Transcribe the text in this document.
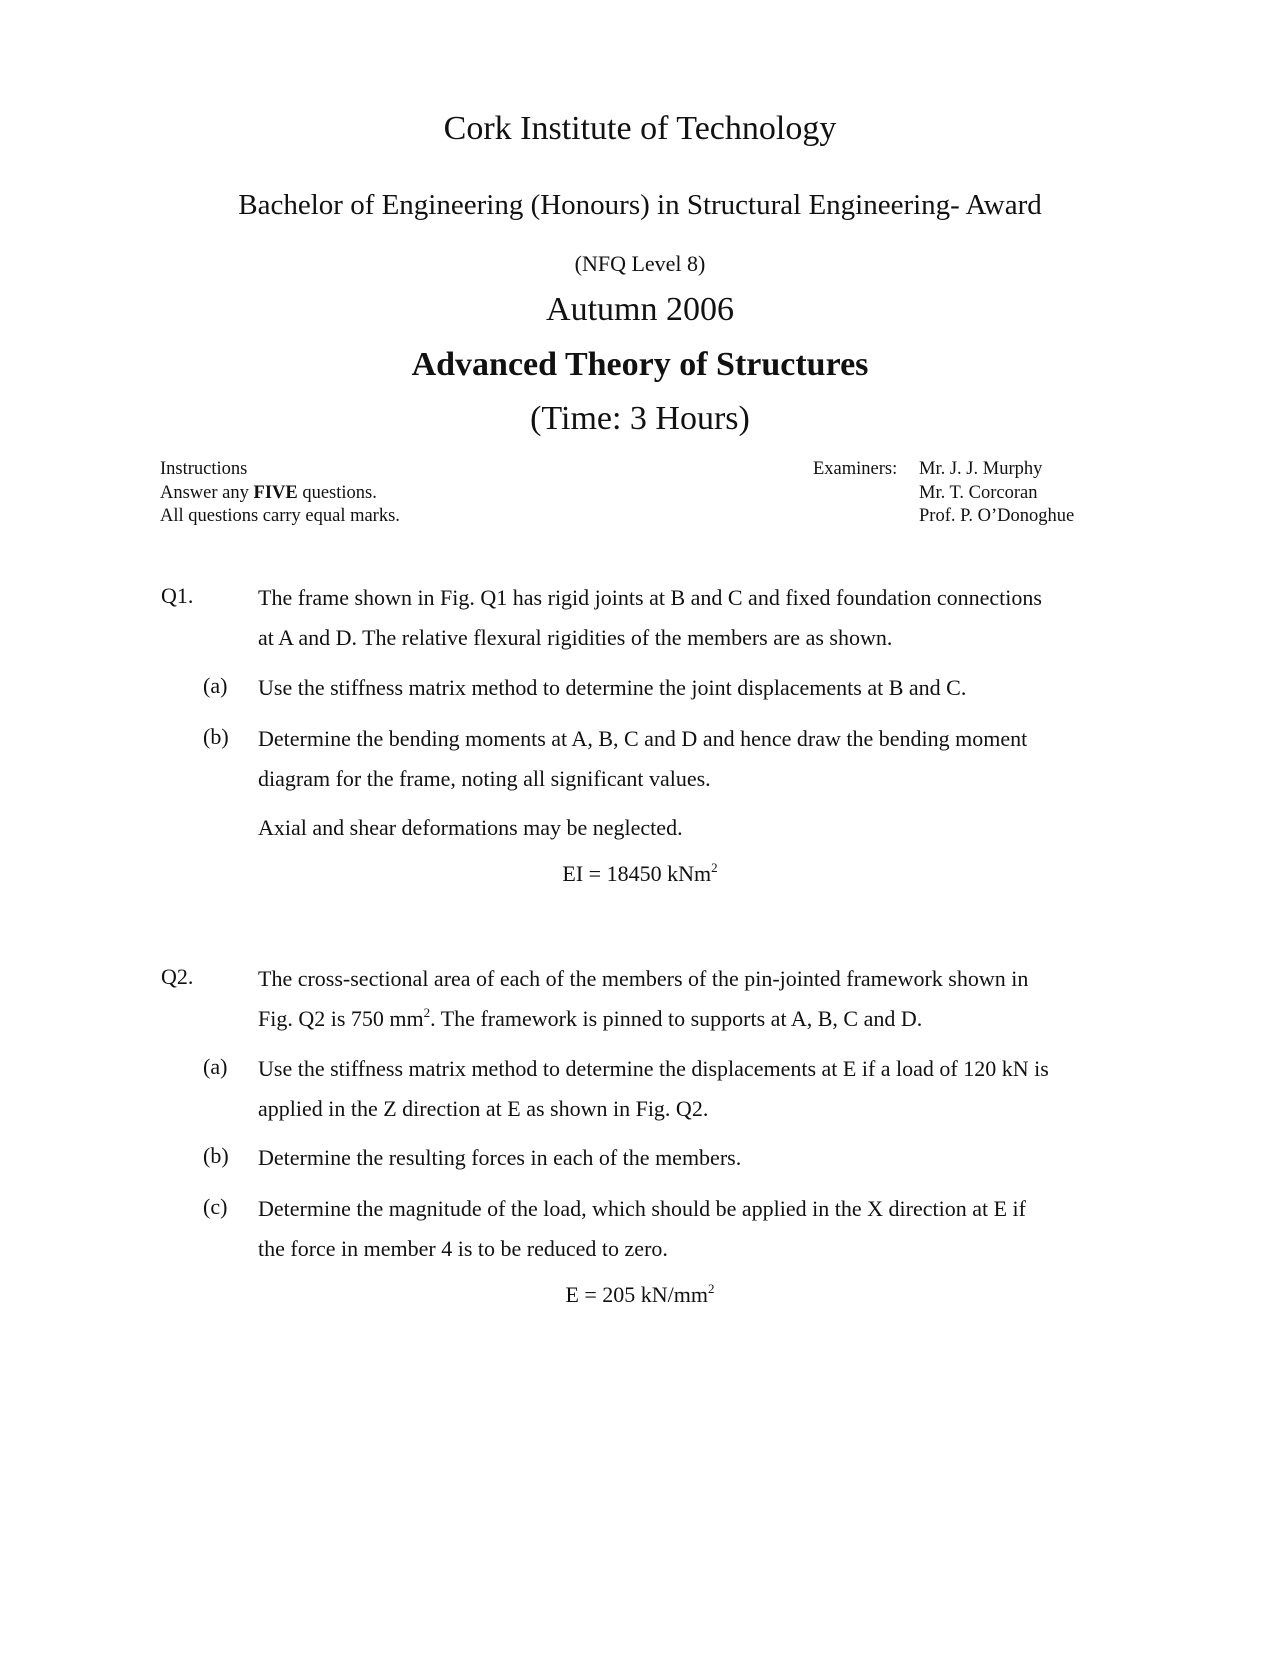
Cork Institute of Technology
Bachelor of Engineering (Honours) in Structural Engineering- Award
(NFQ Level 8)
Autumn 2006
Advanced Theory of Structures
(Time: 3 Hours)
Instructions
Answer any FIVE questions.
All questions carry equal marks.
Examiners: Mr. J. J. Murphy
Mr. T. Corcoran
Prof. P. O’Donoghue
Q1.	The frame shown in Fig. Q1 has rigid joints at B and C and fixed foundation connections
at A and D. The relative flexural rigidities of the members are as shown.
(a) Use the stiffness matrix method to determine the joint displacements at B and C.
(b) Determine the bending moments at A, B, C and D and hence draw the bending moment
diagram for the frame, noting all significant values.
Axial and shear deformations may be neglected.
EI = 18450 kNm$^2$
Q2.	The cross-sectional area of each of the members of the pin-jointed framework shown in
Fig. Q2 is 750 $mm^2$. The framework is pinned to supports at A, B, C and D.
(a) Use the stiffness matrix method to determine the displacements at E if a load of 120 kN is
applied in the Z direction at E as shown in Fig. Q2.
(b) Determine the resulting forces in each of the members.
(c) Determine the magnitude of the load, which should be applied in the X direction at E if
the force in member 4 is to be reduced to zero.
E = 205 $kN/mm^2$
